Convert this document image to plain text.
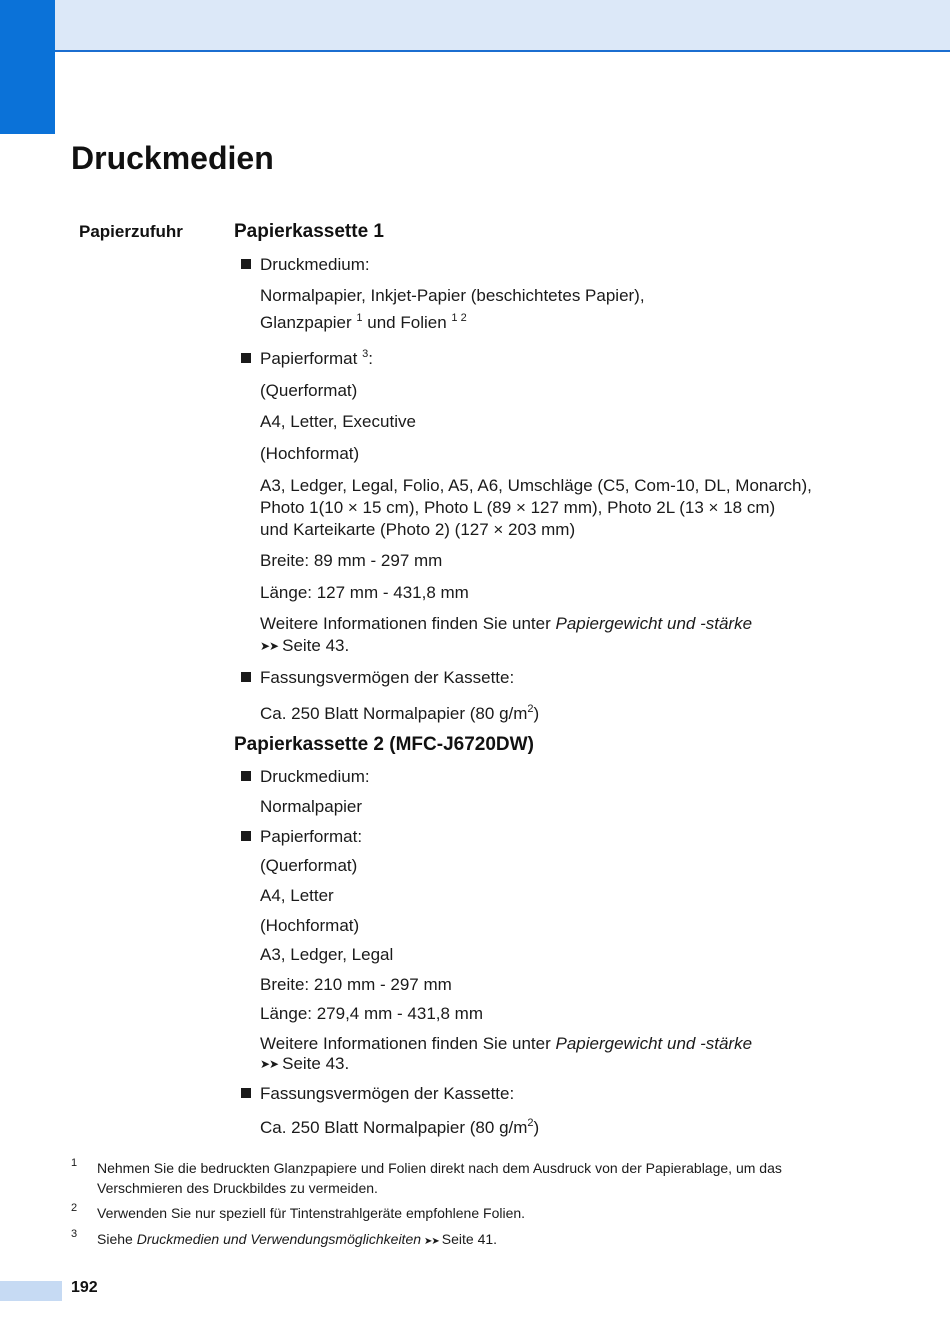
Druckmedien
Papierzufuhr	Papierkassette 1
Druckmedium:
Normalpapier, Inkjet-Papier (beschichtetes Papier),
Glanzpapier $^1$ und Folien $^{1 2}$
Papierformat $^3$:
(Querformat)
A4, Letter, Executive
(Hochformat)
A3, Ledger, Legal, Folio, A5, A6, Umschläge (C5, Com-10, DL, Monarch),
Photo 1(10 × 15 cm), Photo L (89 × 127 mm), Photo 2L (13 × 18 cm)
und Karteikarte (Photo 2) (127 × 203 mm)
Breite: 89 mm - 297 mm
Länge: 127 mm - 431,8 mm
Weitere Informationen finden Sie unter Papiergewicht und -stärke
➤➤ Seite 43.
Fassungsvermögen der Kassette:
Ca. 250 Blatt Normalpapier (80 $g/m^2$)
Papierkassette 2 (MFC-J6720DW)
Druckmedium:
Normalpapier
Papierformat:
(Querformat)
A4, Letter
(Hochformat)
A3, Ledger, Legal
Breite: 210 mm - 297 mm
Länge: 279,4 mm - 431,8 mm
Weitere Informationen finden Sie unter Papiergewicht und -stärke
➤➤ Seite 43.
Fassungsvermögen der Kassette:
Ca. 250 Blatt Normalpapier (80 $g/m^2$)
1 Nehmen Sie die bedruckten Glanzpapiere und Folien direkt nach dem Ausdruck von der Papierablage, um das Verschmieren des Druckbildes zu vermeiden.
2 Verwenden Sie nur speziell für Tintenstrahlgeräte empfohlene Folien.
3 Siehe Druckmedien und Verwendungsmöglichkeiten ➤➤ Seite 41.
192
